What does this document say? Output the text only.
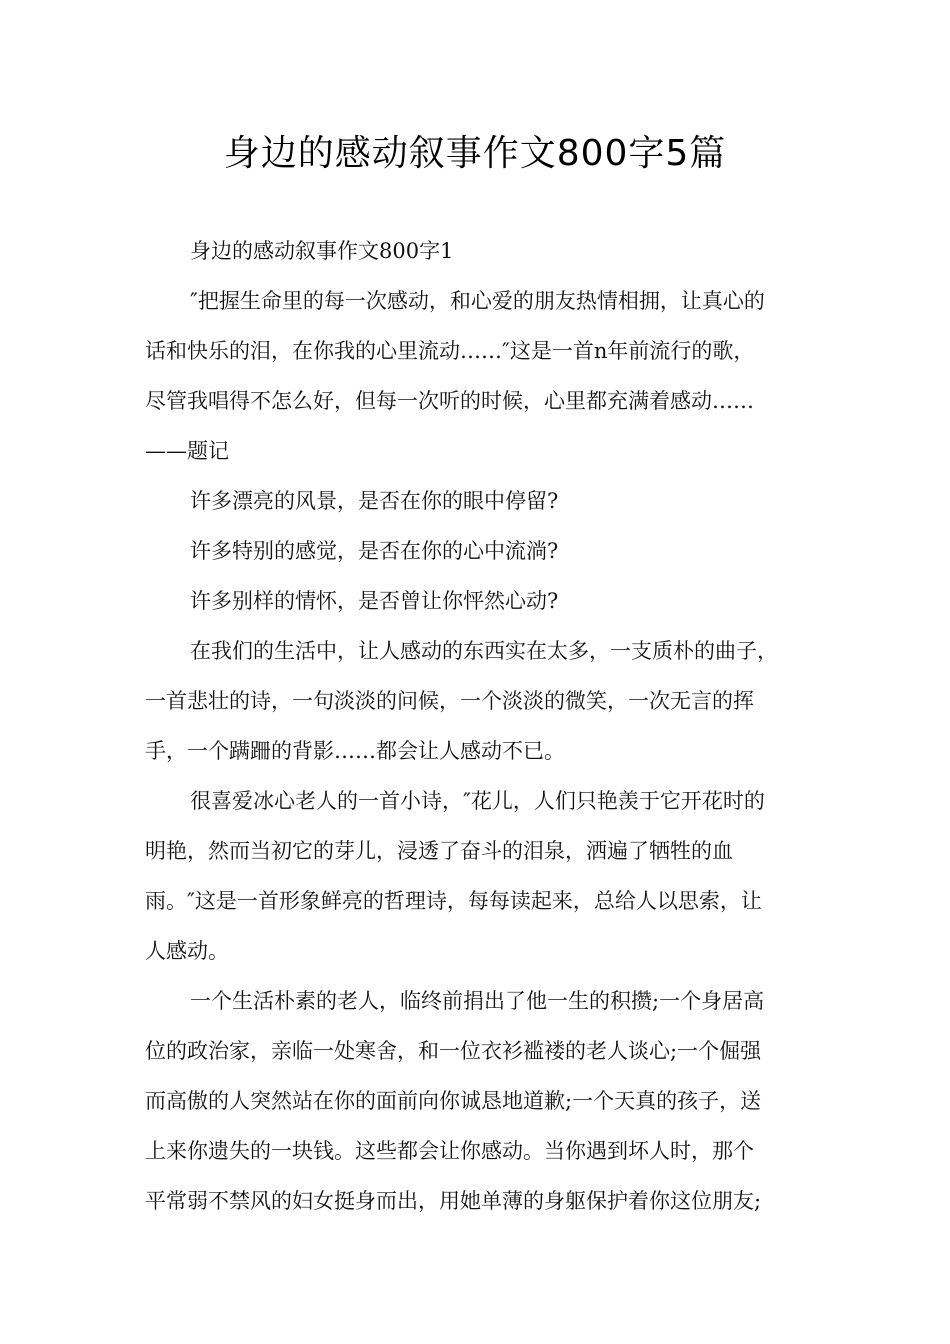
身边的感动叙事作文800字5篇
身边的感动叙事作文800字1
″把握生命里的每一次感动，和心爱的朋友热情相拥，让真心的
话和快乐的泪，在你我的心里流动……″这是一首n年前流行的歌，
尽管我唱得不怎么好，但每一次听的时候，心里都充满着感动……
——题记
许多漂亮的风景，是否在你的眼中停留?
许多特别的感觉，是否在你的心中流淌?
许多别样的情怀，是否曾让你怦然心动?
在我们的生活中，让人感动的东西实在太多，一支质朴的曲子，
一首悲壮的诗，一句淡淡的问候，一个淡淡的微笑，一次无言的挥
手，一个蹒跚的背影……都会让人感动不已。
很喜爱冰心老人的一首小诗，″花儿，人们只艳羡于它开花时的
明艳，然而当初它的芽儿，浸透了奋斗的泪泉，洒遍了牺牲的血
雨。″这是一首形象鲜亮的哲理诗，每每读起来，总给人以思索，让
人感动。
一个生活朴素的老人，临终前捐出了他一生的积攒;一个身居高
位的政治家，亲临一处寒舍，和一位衣衫褴褛的老人谈心;一个倔强
而高傲的人突然站在你的面前向你诚恳地道歉;一个天真的孩子，送
上来你遗失的一块钱。这些都会让你感动。当你遇到坏人时，那个
平常弱不禁风的妇女挺身而出，用她单薄的身躯保护着你这位朋友;
